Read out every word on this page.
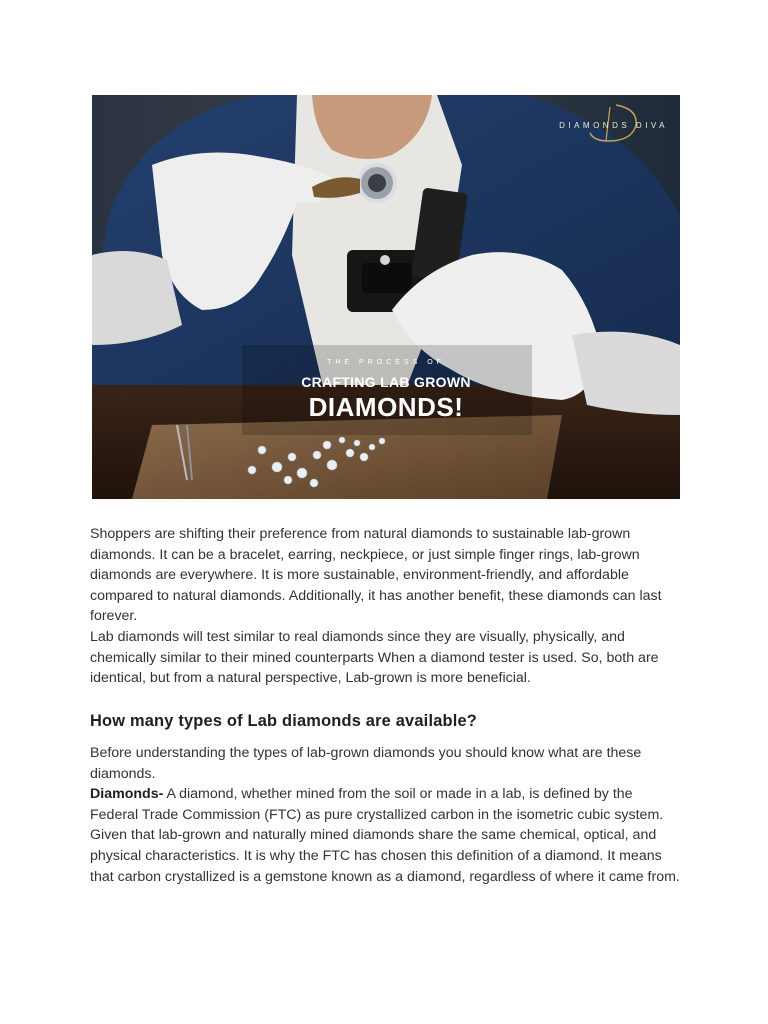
DIAMONDS DIVA
THE PROCESS OF
CRAFTING LAB GROWN
DIAMONDS!

Shoppers are shifting their preference from natural diamonds to sustainable lab-grown diamonds. It can be a bracelet, earring, neckpiece, or just simple finger rings, lab-grown diamonds are everywhere. It is more sustainable, environment-friendly, and affordable compared to natural diamonds. Additionally, it has another benefit, these diamonds can last forever.

Lab diamonds will test similar to real diamonds since they are visually, physically, and chemically similar to their mined counterparts When a diamond tester is used. So, both are identical, but from a natural perspective, Lab-grown is more beneficial.

How many types of Lab diamonds are available?

Before understanding the types of lab-grown diamonds you should know what are these diamonds.

Diamonds- A diamond, whether mined from the soil or made in a lab, is defined by the Federal Trade Commission (FTC) as pure crystallized carbon in the isometric cubic system. Given that lab-grown and naturally mined diamonds share the same chemical, optical, and physical characteristics. It is why the FTC has chosen this definition of a diamond. It means that carbon crystallized is a gemstone known as a diamond, regardless of where it came from.
